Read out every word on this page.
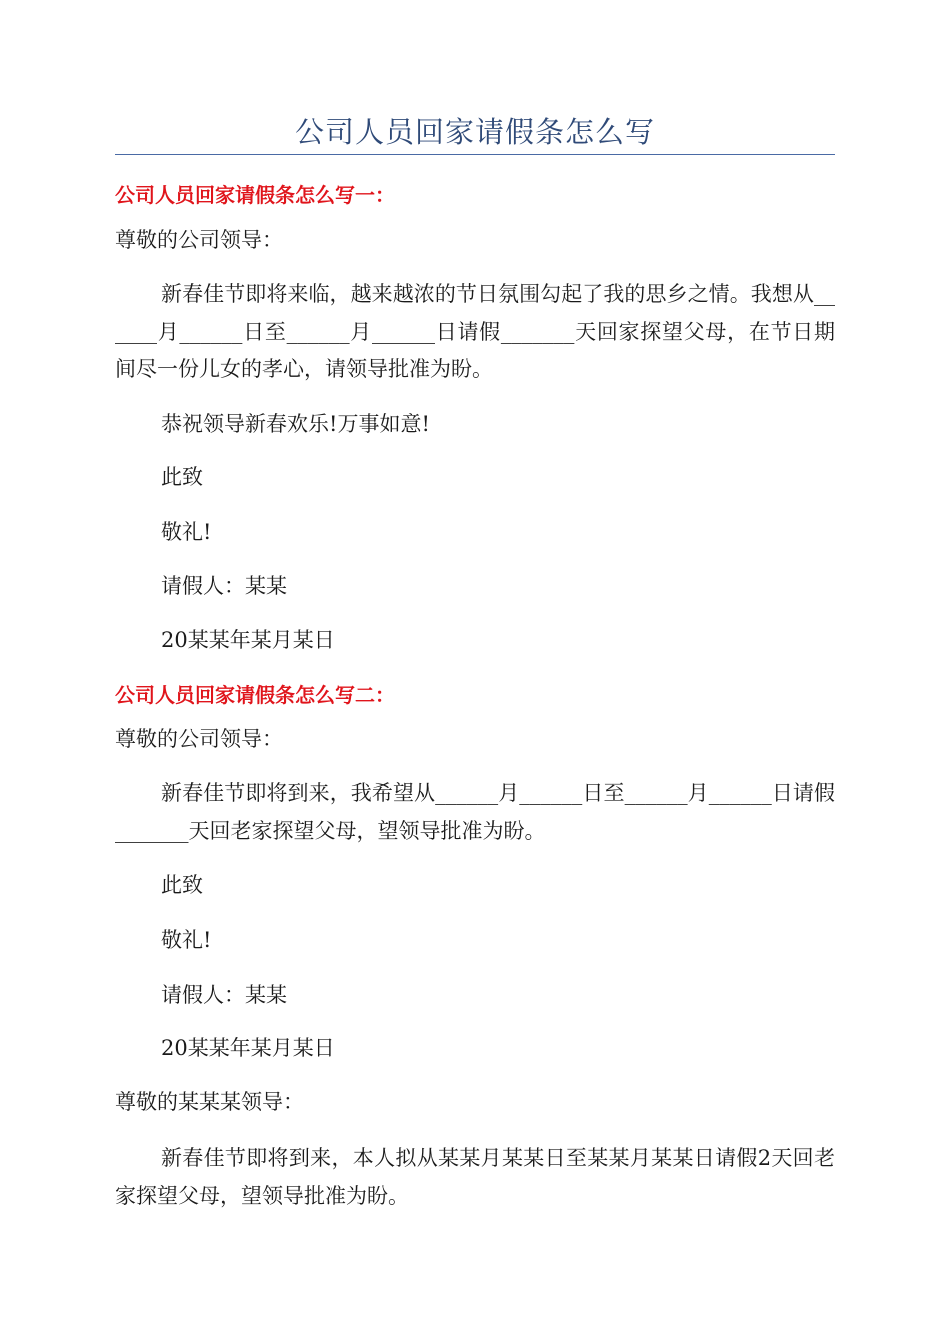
公司人员回家请假条怎么写

公司人员回家请假条怎么写一：

尊敬的公司领导：

新春佳节即将来临，越来越浓的节日氛围勾起了我的思乡之情。我想从______月______日至______月______日请假_______天回家探望父母，在节日期间尽一份儿女的孝心，请领导批准为盼。

恭祝领导新春欢乐!万事如意!

此致

敬礼!

请假人：某某

20某某年某月某日

公司人员回家请假条怎么写二：

尊敬的公司领导：

新春佳节即将到来，我希望从______月______日至______月______日请假_______天回老家探望父母，望领导批准为盼。

此致

敬礼!

请假人：某某

20某某年某月某日

尊敬的某某某领导：

新春佳节即将到来，本人拟从某某月某某日至某某月某某日请假2天回老家探望父母，望领导批准为盼。
